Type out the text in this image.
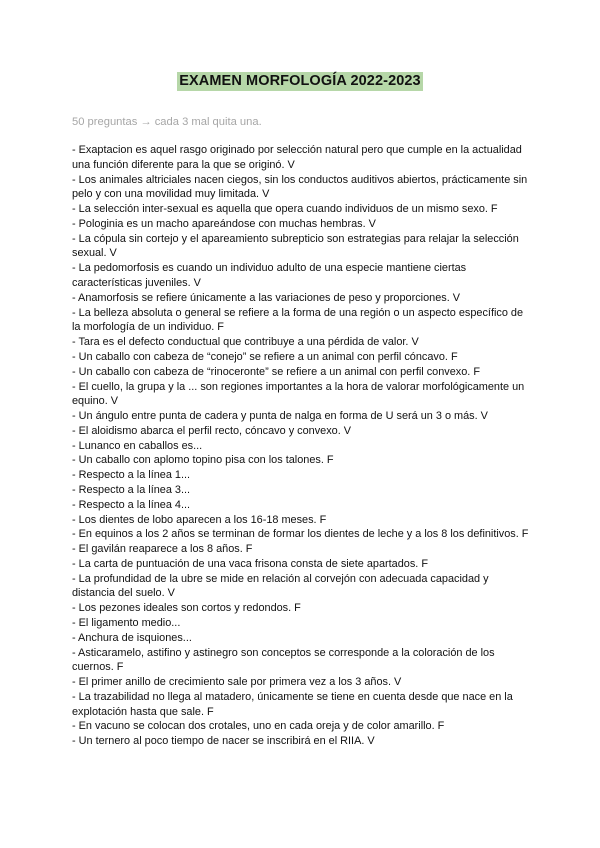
EXAMEN MORFOLOGÍA 2022-2023
50 preguntas → cada 3 mal quita una.
- Exaptacion es aquel rasgo originado por selección natural pero que cumple en la actualidad una función diferente para la que se originó. V
- Los animales altriciales nacen ciegos, sin los conductos auditivos abiertos, prácticamente sin pelo y con una movilidad muy limitada. V
- La selección inter-sexual es aquella que opera cuando individuos de un mismo sexo. F
- Pologinia es un macho apareándose con muchas hembras. V
- La cópula sin cortejo y el apareamiento subrepticio son estrategias para relajar la selección sexual. V
- La pedomorfosis es cuando un individuo adulto de una especie mantiene ciertas características juveniles. V
- Anamorfosis se refiere únicamente a las variaciones de peso y proporciones. V
- La belleza absoluta o general se refiere a la forma de una región o un aspecto específico de la morfología de un individuo. F
- Tara es el defecto conductual que contribuye a una pérdida de valor. V
- Un caballo con cabeza de “conejo” se refiere a un animal con perfil cóncavo. F
- Un caballo con cabeza de “rinoceronte” se refiere a un animal con perfil convexo. F
- El cuello, la grupa y la ... son regiones importantes a la hora de valorar morfológicamente un equino. V
- Un ángulo entre punta de cadera y punta de nalga en forma de U será un 3 o más. V
- El aloidismo abarca el perfil recto, cóncavo y convexo. V
- Lunanco en caballos es...
- Un caballo con aplomo topino pisa con los talones. F
- Respecto a la línea 1...
- Respecto a la línea 3...
- Respecto a la línea 4...
- Los dientes de lobo aparecen a los 16-18 meses. F
- En equinos a los 2 años se terminan de formar los dientes de leche y a los 8 los definitivos. F
- El gavilán reaparece a los 8 años. F
- La carta de puntuación de una vaca frisona consta de siete apartados. F
- La profundidad de la ubre se mide en relación al corvejón con adecuada capacidad y distancia del suelo. V
- Los pezones ideales son cortos y redondos. F
- El ligamento medio...
- Anchura de isquiones...
- Asticaramelo, astifino y astinegro son conceptos se corresponde a la coloración de los cuernos. F
- El primer anillo de crecimiento sale por primera vez a los 3 años. V
- La trazabilidad no llega al matadero, únicamente se tiene en cuenta desde que nace en la explotación hasta que sale. F
- En vacuno se colocan dos crotales, uno en cada oreja y de color amarillo. F
- Un ternero al poco tiempo de nacer se inscribirá en el RIIA. V
